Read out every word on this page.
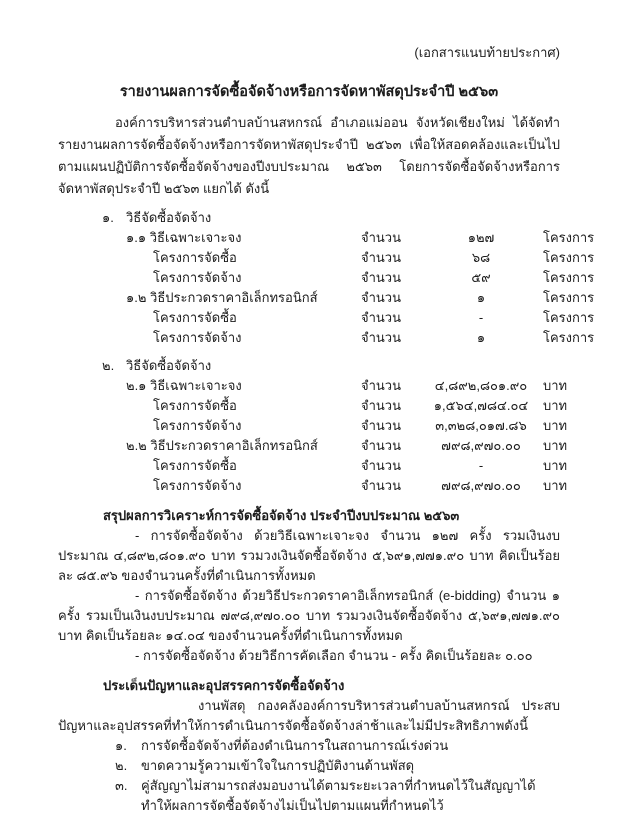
(เอกสารแนบท้ายประกาศ)
รายงานผลการจัดซื้อจัดจ้างหรือการจัดหาพัสดุประจำปี ๒๕๖๓

องค์การบริหารส่วนตำบลบ้านสหกรณ์ อำเภอแม่ออน จังหวัดเชียงใหม่ ได้จัดทำรายงานผลการจัดซื้อจัดจ้างหรือการจัดหาพัสดุประจำปี ๒๕๖๓ เพื่อให้สอดคล้องและเป็นไปตามแผนปฏิบัติการจัดซื้อจัดจ้างของปีงบประมาณ ๒๕๖๓ โดยการจัดซื้อจัดจ้างหรือการจัดหาพัสดุประจำปี ๒๕๖๓ แยกได้ ดังนี้

๑. วิธีจัดซื้อจัดจ้าง
๑.๑ วิธีเฉพาะเจาะจง	จำนวน	๑๒๗	โครงการ
โครงการจัดซื้อ	จำนวน	๖๘	โครงการ
โครงการจัดจ้าง	จำนวน	๕๙	โครงการ
๑.๒ วิธีประกวดราคาอิเล็กทรอนิกส์	จำนวน	๑	โครงการ
โครงการจัดซื้อ	จำนวน	-	โครงการ
โครงการจัดจ้าง	จำนวน	๑	โครงการ
๒. วิธีจัดซื้อจัดจ้าง
๒.๑ วิธีเฉพาะเจาะจง	จำนวน	๔,๘๙๒,๘๐๑.๙๐	บาท
โครงการจัดซื้อ	จำนวน	๑,๕๖๔,๗๘๔.๐๔	บาท
โครงการจัดจ้าง	จำนวน	๓,๓๒๘,๐๑๗.๘๖	บาท
๒.๒ วิธีประกวดราคาอิเล็กทรอนิกส์	จำนวน	๗๙๘,๙๗๐.๐๐	บาท
โครงการจัดซื้อ	จำนวน	-	บาท
โครงการจัดจ้าง	จำนวน	๗๙๘,๙๗๐.๐๐	บาท
สรุปผลการวิเคราะห์การจัดซื้อจัดจ้าง ประจำปีงบประมาณ ๒๕๖๓

- การจัดซื้อจัดจ้าง ด้วยวิธีเฉพาะเจาะจง จำนวน ๑๒๗ ครั้ง รวมเงินงบประมาณ ๔,๘๙๒,๘๐๑.๙๐ บาท รวมวงเงินจัดซื้อจัดจ้าง ๕,๖๙๑,๗๗๑.๙๐ บาท คิดเป็นร้อยละ ๘๕.๙๖ ของจำนวนครั้งที่ดำเนินการทั้งหมด

- การจัดซื้อจัดจ้าง ด้วยวิธีประกวดราคาอิเล็กทรอนิกส์ (e-bidding) จำนวน ๑ ครั้ง รวมเป็นเงินงบประมาณ ๗๙๘,๙๗๐.๐๐ บาท รวมวงเงินจัดซื้อจัดจ้าง ๕,๖๙๑,๗๗๑.๙๐ บาท คิดเป็นร้อยละ ๑๔.๐๔ ของจำนวนครั้งที่ดำเนินการทั้งหมด

- การจัดซื้อจัดจ้าง ด้วยวิธีการคัดเลือก จำนวน - ครั้ง คิดเป็นร้อยละ ๐.๐๐

ประเด็นปัญหาและอุปสรรคการจัดซื้อจัดจ้าง

งานพัสดุ กองคลังองค์การบริหารส่วนตำบลบ้านสหกรณ์ ประสบปัญหาและอุปสรรคที่ทำให้การดำเนินการจัดซื้อจัดจ้างล่าช้าและไม่มีประสิทธิภาพดังนี้

๑.	การจัดซื้อจัดจ้างที่ต้องดำเนินการในสถานการณ์เร่งด่วน
๒.	ขาดความรู้ความเข้าใจในการปฏิบัติงานด้านพัสดุ
๓.	คู่สัญญาไม่สามารถส่งมอบงานได้ตามระยะเวลาที่กำหนดไว้ในสัญญาได้ ทำให้ผลการจัดซื้อจัดจ้างไม่เป็นไปตามแผนที่กำหนดไว้
